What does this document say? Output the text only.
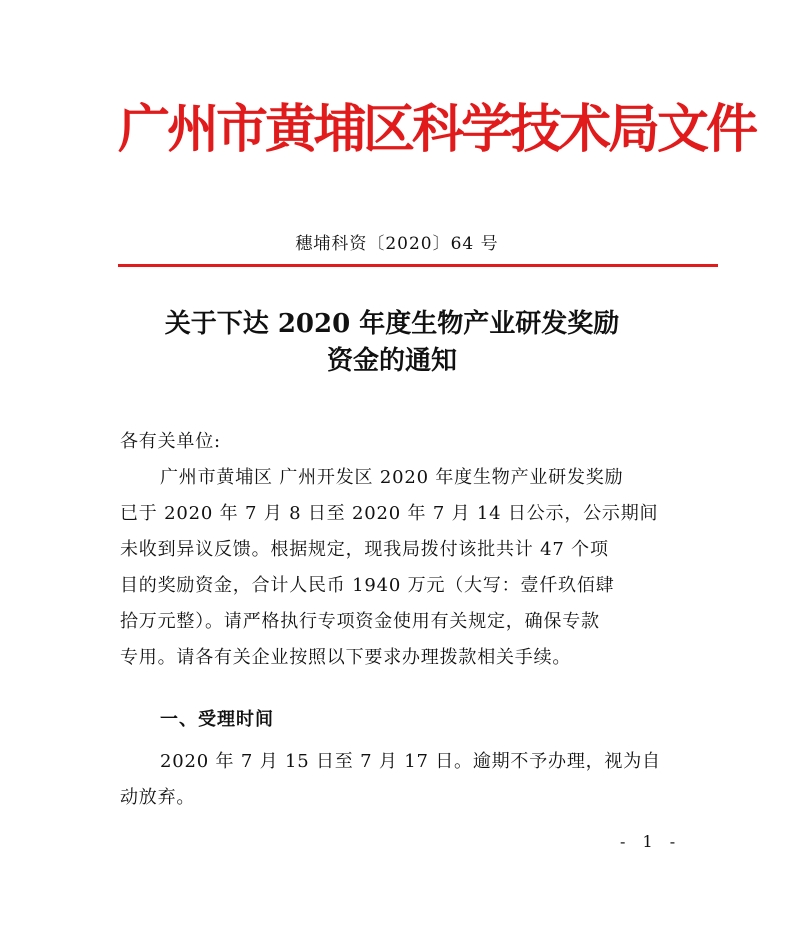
广州市黄埔区科学技术局文件
穗埔科资〔2020〕64 号
关于下达 2020 年度生物产业研发奖励
资金的通知
各有关单位:
广州市黄埔区 广州开发区 2020 年度生物产业研发奖励
已于 2020 年 7 月 8 日至 2020 年 7 月 14 日公示，公示期间
未收到异议反馈。根据规定，现我局拨付该批共计 47 个项
目的奖励资金，合计人民币 1940 万元（大写：壹仟玖佰肆
拾万元整）。请严格执行专项资金使用有关规定，确保专款
专用。请各有关企业按照以下要求办理拨款相关手续。
一、受理时间
2020 年 7 月 15 日至 7 月 17 日。逾期不予办理，视为自
动放弃。
- 1 -
